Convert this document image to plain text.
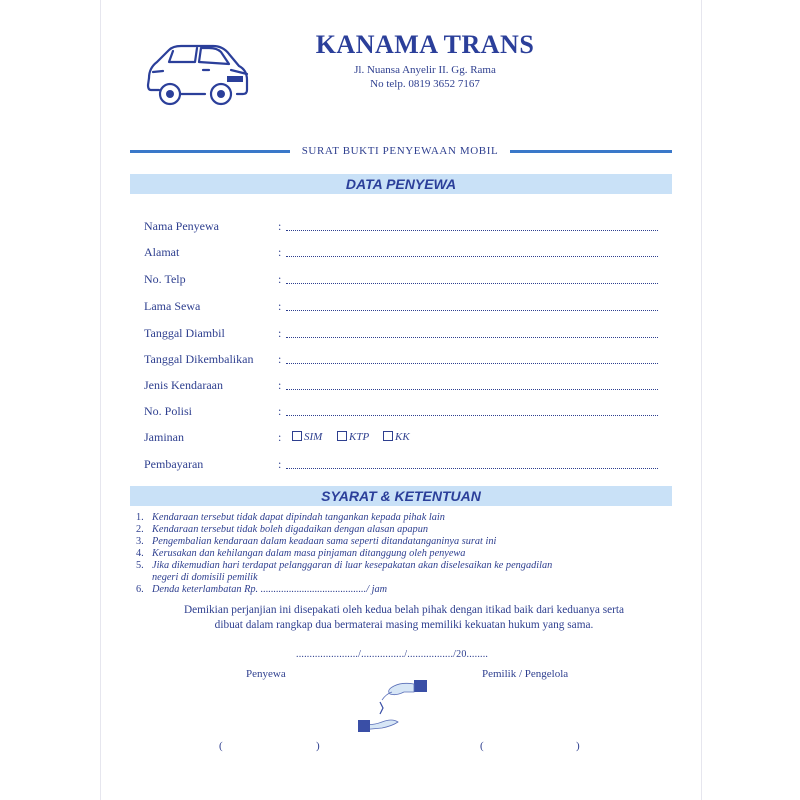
KANAMA TRANS
Jl. Nuansa Anyelir II. Gg. Rama
No telp. 0819 3652 7167
SURAT BUKTI PENYEWAAN MOBIL
DATA PENYEWA
Nama Penyewa	:
Alamat	:
No. Telp	:
Lama Sewa	:
Tanggal Diambil	:
Tanggal Dikembalikan :
Jenis Kendaraan	:
No. Polisi	:
Jaminan	:	SIM	KTP	KK
Pembayaran	:
SYARAT & KETENTUAN
1. Kendaraan tersebut tidak dapat dipindah tangankan kepada pihak lain
2. Kendaraan tersebut tidak boleh digadaikan dengan alasan apapun
3. Pengembalian kendaraan dalam keadaan sama seperti ditandatanganinya surat ini
4. Kerusakan dan kehilangan dalam masa pinjaman ditanggung oleh penyewa
5. Jika dikemudian hari terdapat pelanggaran di luar kesepakatan akan diselesaikan ke pengadilan
negeri di domisili pemilik
6. Denda keterlambatan Rp. ........................................./ jam
Demikian perjanjian ini disepakati oleh kedua belah pihak dengan itikad baik dari keduanya serta
dibuat dalam rangkap dua bermaterai masing memiliki kekuatan hukum yang sama.
......................./................/................./20........
Penyewa	Pemilik / Pengelola
(	)	(	)
